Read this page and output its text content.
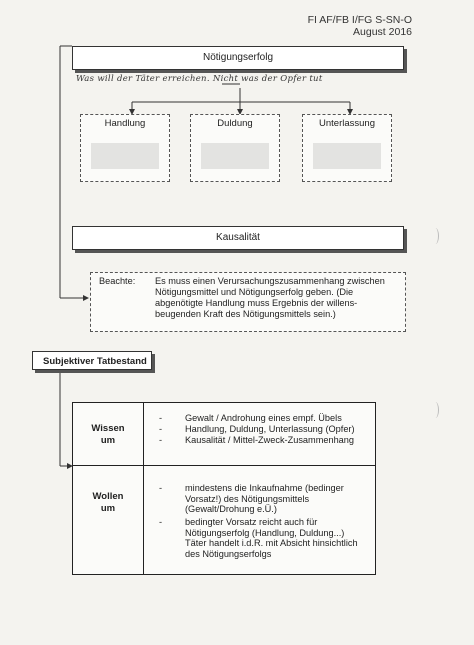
FI AF/FB I/FG S-SN-O
August 2016
Nötigungserfolg
Was will der Täter erreichen. Nicht was der Opfer tut
Handlung	Duldung	Unterlassung
Kausalität
Beachte: Es muss einen Verursachungszusammenhang zwischen
Nötigungsmittel und Nötigungserfolg geben. (Die
abgenötigte Handlung muss Ergebnis der willens-
beugenden Kraft des Nötigungsmittels sein.)
Subjektiver Tatbestand
Wissen
um
- Gewalt / Androhung eines empf. Übels
- Handlung, Duldung, Unterlassung (Opfer)
- Kausalität / Mittel-Zweck-Zusammenhang
Wollen
um
- mindestens die Inkaufnahme (bedinger
Vorsatz!) des Nötigungsmittels
(Gewalt/Drohung e.Ü.)
- bedingter Vorsatz reicht auch für
Nötigungserfolg (Handlung, Duldung...)
Täter handelt i.d.R. mit Absicht hinsichtlich
des Nötigungserfolgs
